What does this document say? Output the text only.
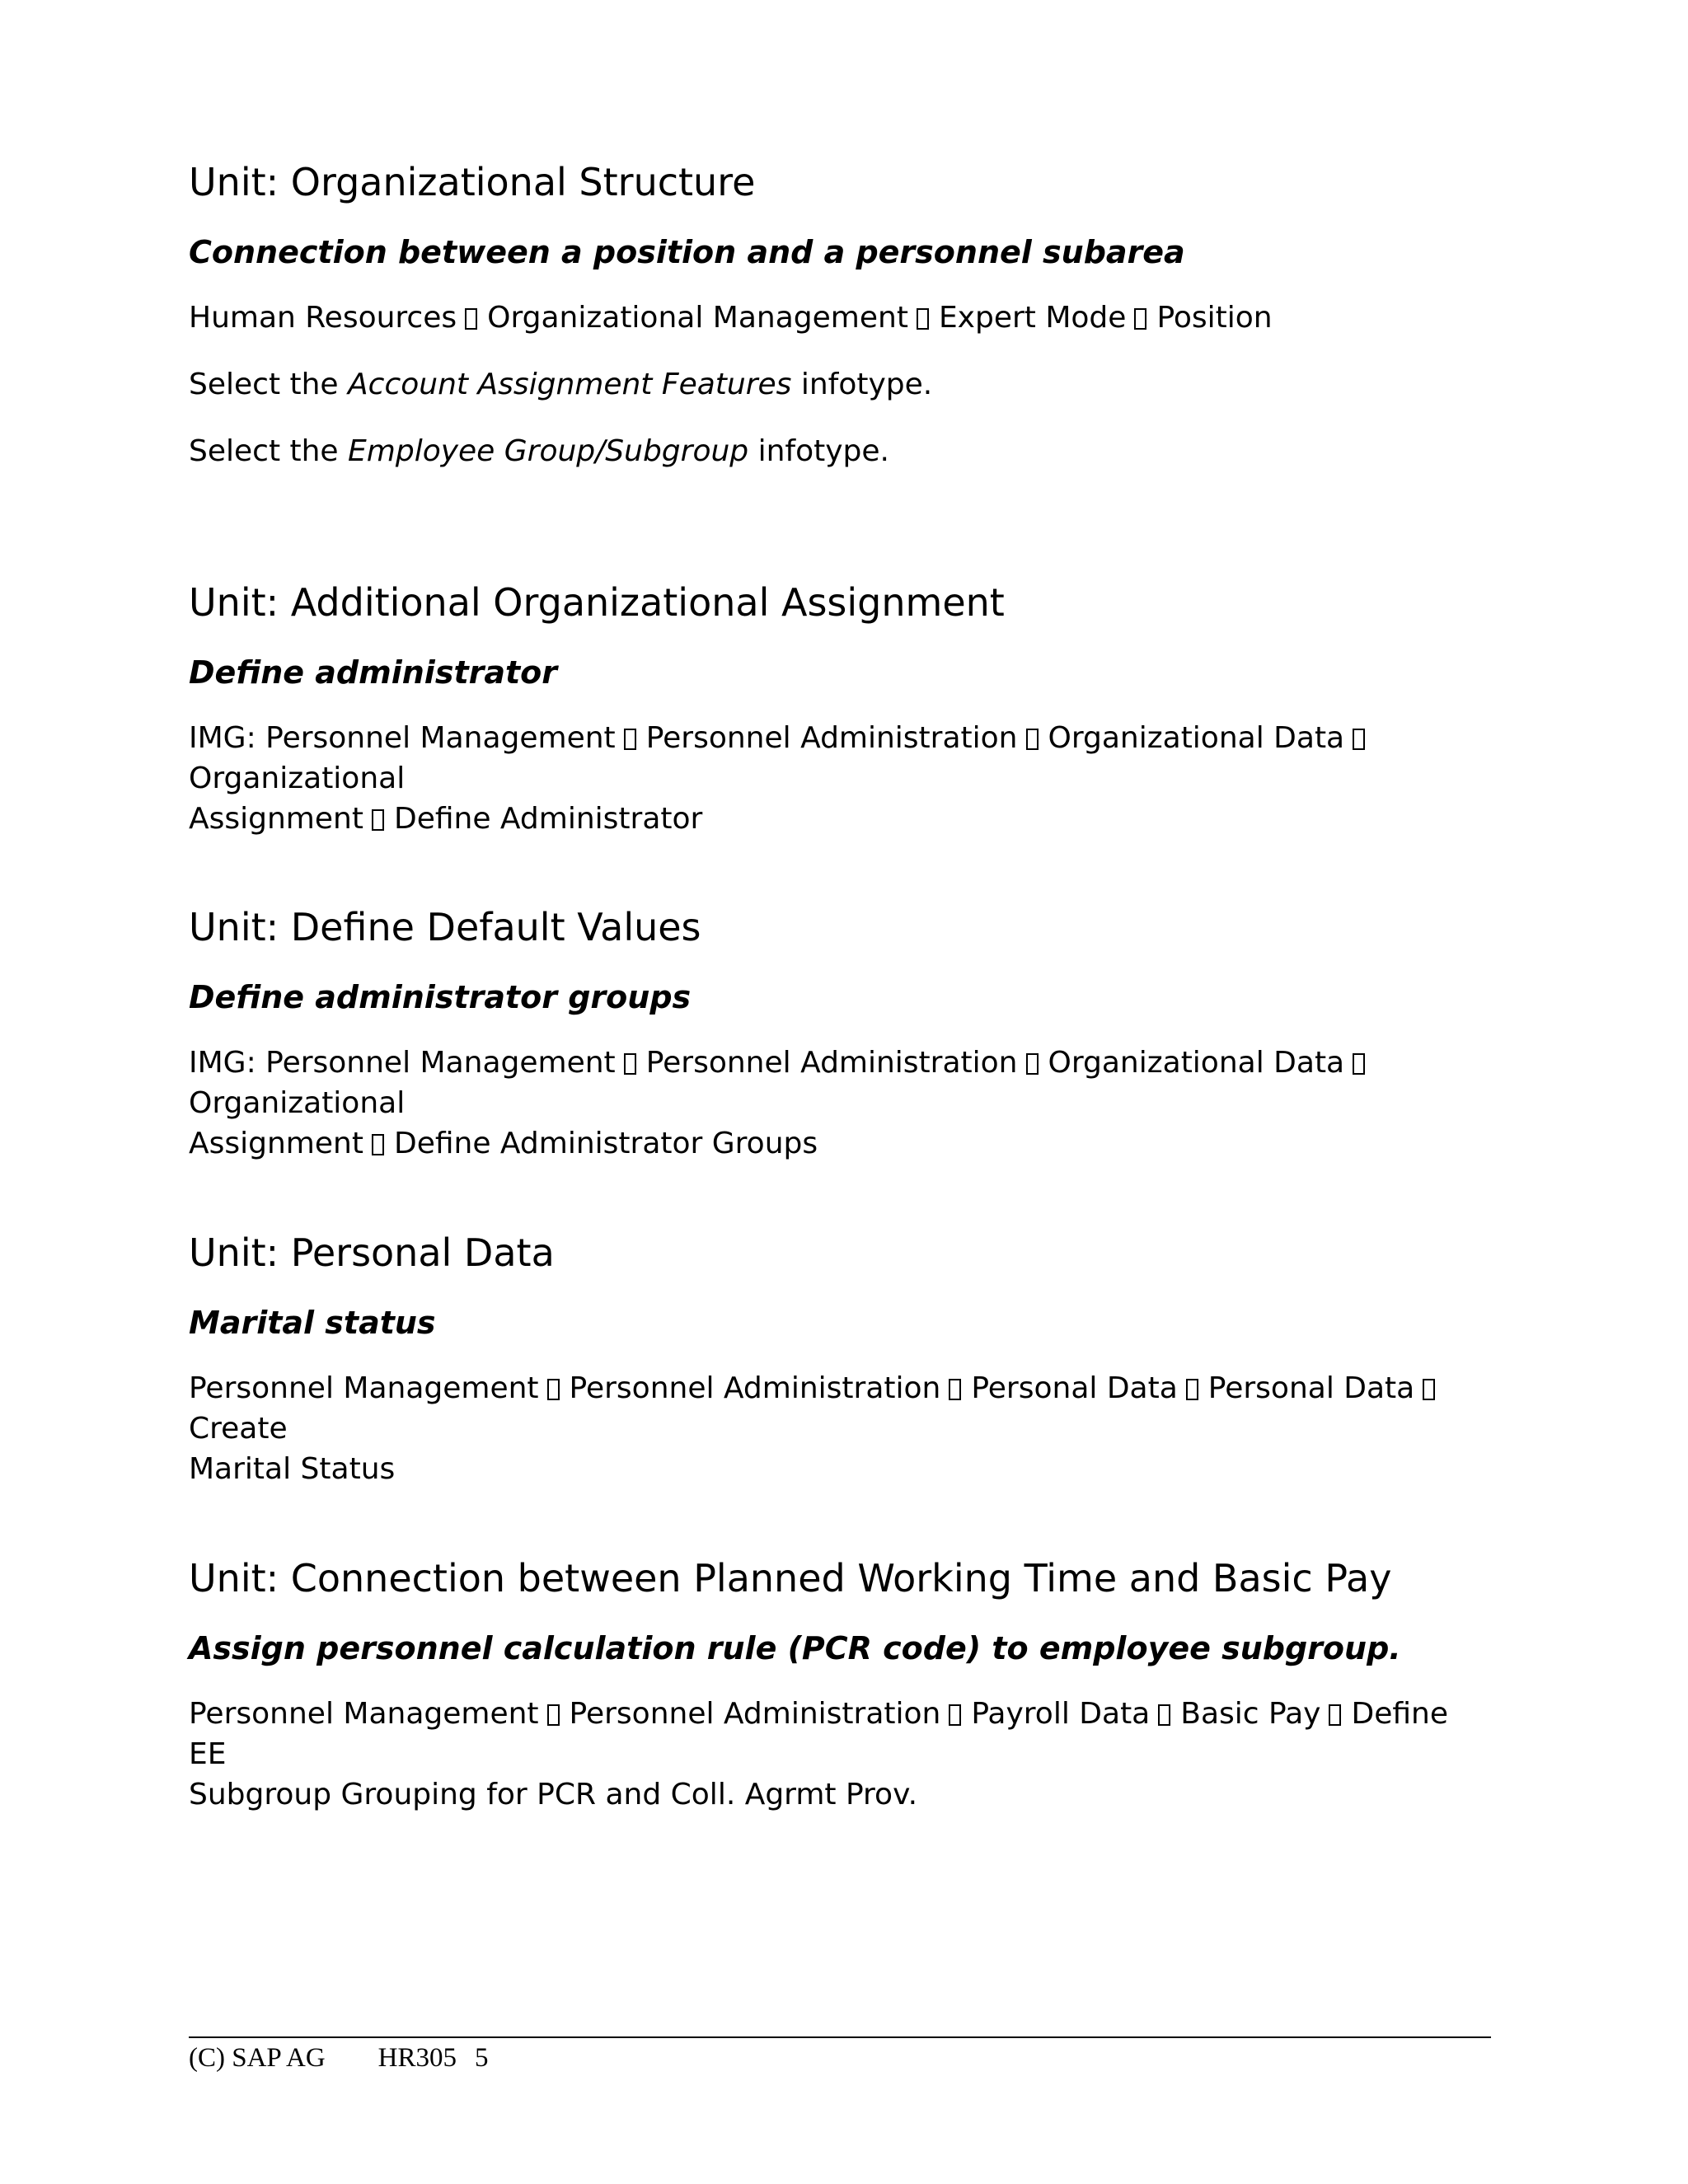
Unit: Organizational Structure
Connection between a position and a personnel subarea

Human Resources Organizational Management Expert Mode Position

Select the Account Assignment Features infotype.

Select the Employee Group/Subgroup infotype.

Unit: Additional Organizational Assignment
Define administrator

IMG: Personnel Management Personnel Administration Organizational DataOrganizational
Assignment Define Administrator

Unit: Define Default Values
Define administrator groups

IMG: Personnel Management Personnel Administration Organizational DataOrganizational
Assignment Define Administrator Groups

Unit: Personal Data
Marital status

Personnel Management Personnel Administration Personal Data Personal DataCreate
Marital Status

Unit: Connection between Planned Working Time and Basic Pay
Assign personnel calculation rule (PCR code) to employee subgroup.

Personnel Management Personnel Administration Payroll Data Basic Pay Define EE
Subgroup Grouping for PCR and Coll. Agrmt Prov.

(C) SAP AG HR305 5
